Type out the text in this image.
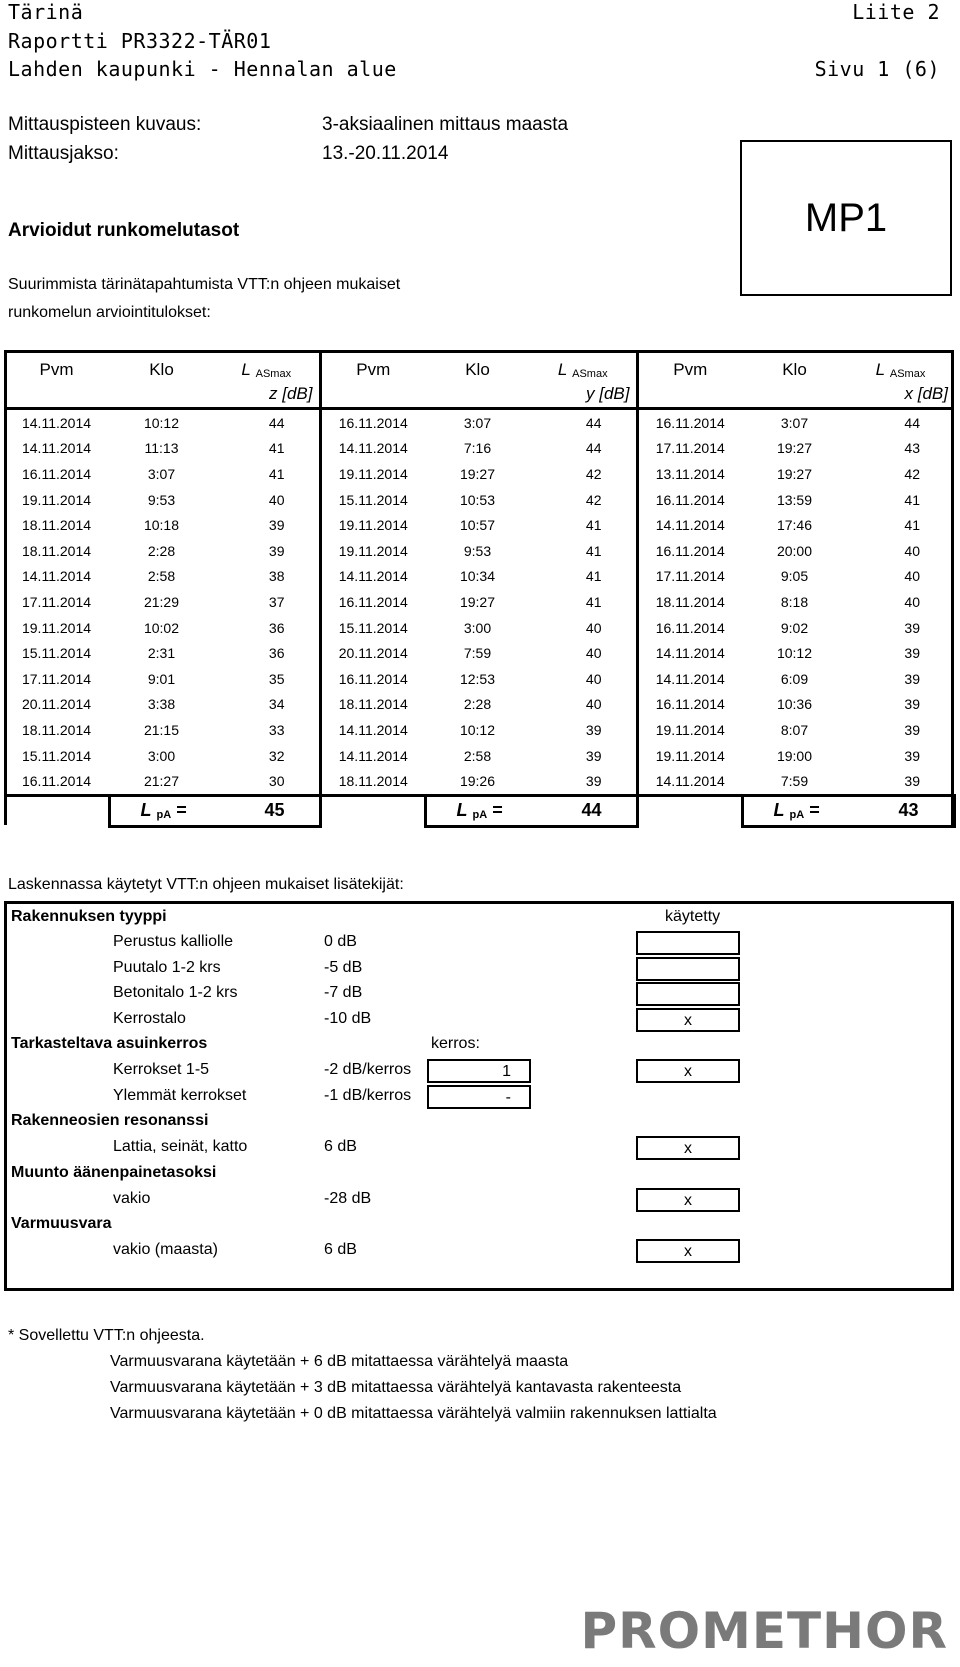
Tärinä	Liite 2
Raportti PR3322-TÄR01
Lahden kaupunki - Hennalan alue	Sivu 1 (6)
Mittauspisteen kuvaus:	3-aksiaalinen mittaus maasta
Mittausjakso:	13.-20.11.2014
MP1
Arvioidut runkomelutasot
Suurimmista tärinätapahtumista VTT:n ohjeen mukaiset
runkomelun arviointitulokset:
Pvm	Klo	L $_{ASmax}$	Pvm	Klo	L $_{ASmax}$	Pvm	Klo	L $_{ASmax}$
		z [dB]			y [dB]			x [dB]
14.11.2014	10:12	44	16.11.2014	3:07	44	16.11.2014	3:07	44
14.11.2014	11:13	41	14.11.2014	7:16	44	17.11.2014	19:27	43
16.11.2014	3:07	41	19.11.2014	19:27	42	13.11.2014	19:27	42
19.11.2014	9:53	40	15.11.2014	10:53	42	16.11.2014	13:59	41
18.11.2014	10:18	39	19.11.2014	10:57	41	14.11.2014	17:46	41
18.11.2014	2:28	39	19.11.2014	9:53	41	16.11.2014	20:00	40
14.11.2014	2:58	38	14.11.2014	10:34	41	17.11.2014	9:05	40
17.11.2014	21:29	37	16.11.2014	19:27	41	18.11.2014	8:18	40
19.11.2014	10:02	36	15.11.2014	3:00	40	16.11.2014	9:02	39
15.11.2014	2:31	36	20.11.2014	7:59	40	14.11.2014	10:12	39
17.11.2014	9:01	35	16.11.2014	12:53	40	14.11.2014	6:09	39
20.11.2014	3:38	34	18.11.2014	2:28	40	16.11.2014	10:36	39
18.11.2014	21:15	33	14.11.2014	10:12	39	19.11.2014	8:07	39
15.11.2014	3:00	32	14.11.2014	2:58	39	19.11.2014	19:00	39
16.11.2014	21:27	30	18.11.2014	19:26	39	14.11.2014	7:59	39
	L $_{pA}$ =	45		L $_{pA}$ =	44		L $_{pA}$ =	43
Laskennassa käytetyt VTT:n ohjeen mukaiset lisätekijät:
Rakennuksen tyyppi	käytetty
Perustus kalliolle	0 dB
Puutalo 1-2 krs	-5 dB
Betonitalo 1-2 krs	-7 dB
Kerrostalo	-10 dB	x
Tarkasteltava asuinkerros	kerros:
Kerrokset 1-5	-2 dB/kerros	1	x
Ylemmät kerrokset	-1 dB/kerros	-
Rakenneosien resonanssi
Lattia, seinät, katto	6 dB	x
Muunto äänenpainetasoksi
vakio	-28 dB	x
Varmuusvara
vakio (maasta)	6 dB	x
* Sovellettu VTT:n ohjeesta.
Varmuusvarana käytetään + 6 dB mitattaessa värähtelyä maasta
Varmuusvarana käytetään + 3 dB mitattaessa värähtelyä kantavasta rakenteesta
Varmuusvarana käytetään + 0 dB mitattaessa värähtelyä valmiin rakennuksen lattialta
PROMETHOR
